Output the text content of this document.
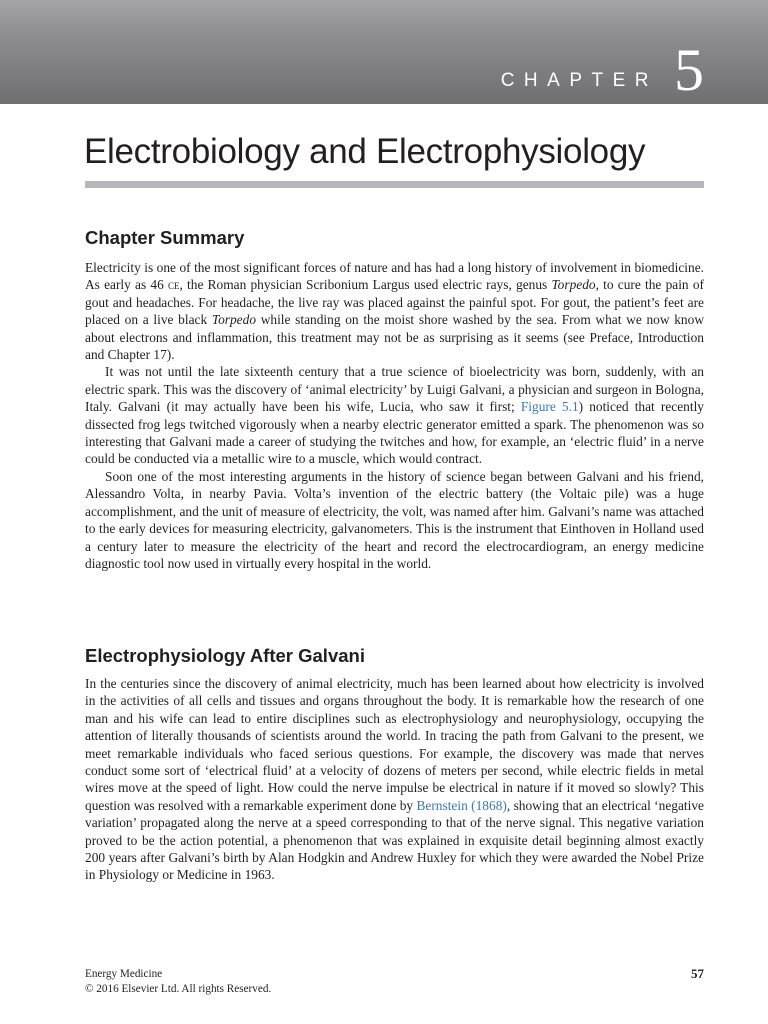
CHAPTER 5
Electrobiology and Electrophysiology
Chapter Summary

Electricity is one of the most significant forces of nature and has had a long history of involvement in biomedicine. As early as 46 ce, the Roman physician Scribonium Largus used electric rays, genus Torpedo, to cure the pain of gout and headaches. For headache, the live ray was placed against the painful spot. For gout, the patient’s feet are placed on a live black Torpedo while standing on the moist shore washed by the sea. From what we now know about electrons and inflammation, this treatment may not be as surprising as it seems (see Preface, Introduction and Chapter 17).

It was not until the late sixteenth century that a true science of bioelectricity was born, suddenly, with an electric spark. This was the discovery of ‘animal electricity’ by Luigi Galvani, a physician and surgeon in Bologna, Italy. Galvani (it may actually have been his wife, Lucia, who saw it first; Figure 5.1) noticed that recently dissected frog legs twitched vigorously when a nearby electric generator emitted a spark. The phenomenon was so interesting that Galvani made a career of studying the twitches and how, for example, an ‘electric fluid’ in a nerve could be conducted via a metallic wire to a muscle, which would contract.

Soon one of the most interesting arguments in the history of science began between Galvani and his friend, Alessandro Volta, in nearby Pavia. Volta’s invention of the electric battery (the Voltaic pile) was a huge accomplishment, and the unit of measure of electricity, the volt, was named after him. Galvani’s name was attached to the early devices for measuring electricity, galvanometers. This is the instrument that Einthoven in Holland used a century later to measure the electricity of the heart and record the electrocardiogram, an energy medicine diagnostic tool now used in virtually every hospital in the world.

Electrophysiology After Galvani

In the centuries since the discovery of animal electricity, much has been learned about how electricity is involved in the activities of all cells and tissues and organs throughout the body. It is remarkable how the research of one man and his wife can lead to entire disciplines such as electrophysiology and neurophysiology, occupying the attention of literally thousands of scientists around the world. In tracing the path from Galvani to the present, we meet remarkable individuals who faced serious questions. For example, the discovery was made that nerves conduct some sort of ‘electrical fluid’ at a velocity of dozens of meters per second, while electric fields in metal wires move at the speed of light. How could the nerve impulse be electrical in nature if it moved so slowly? This question was resolved with a remarkable experiment done by Bernstein (1868), showing that an electrical ‘negative variation’ propagated along the nerve at a speed corresponding to that of the nerve signal. This negative variation proved to be the action potential, a phenomenon that was explained in exquisite detail beginning almost exactly 200 years after Galvani’s birth by Alan Hodgkin and Andrew Huxley for which they were awarded the Nobel Prize in Physiology or Medicine in 1963.

Energy Medicine
© 2016 Elsevier Ltd. All rights Reserved.
57
